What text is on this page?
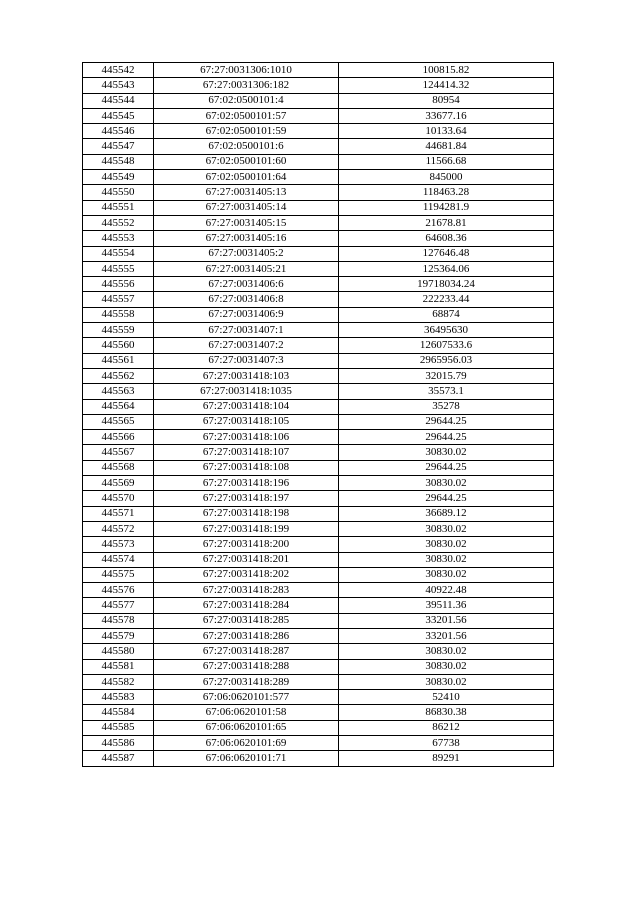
445542	67:27:0031306:1010	100815.82
445543	67:27:0031306:182	124414.32
445544	67:02:0500101:4	80954
445545	67:02:0500101:57	33677.16
445546	67:02:0500101:59	10133.64
445547	67:02:0500101:6	44681.84
445548	67:02:0500101:60	11566.68
445549	67:02:0500101:64	845000
445550	67:27:0031405:13	118463.28
445551	67:27:0031405:14	1194281.9
445552	67:27:0031405:15	21678.81
445553	67:27:0031405:16	64608.36
445554	67:27:0031405:2	127646.48
445555	67:27:0031405:21	125364.06
445556	67:27:0031406:6	19718034.24
445557	67:27:0031406:8	222233.44
445558	67:27:0031406:9	68874
445559	67:27:0031407:1	36495630
445560	67:27:0031407:2	12607533.6
445561	67:27:0031407:3	2965956.03
445562	67:27:0031418:103	32015.79
445563	67:27:0031418:1035	35573.1
445564	67:27:0031418:104	35278
445565	67:27:0031418:105	29644.25
445566	67:27:0031418:106	29644.25
445567	67:27:0031418:107	30830.02
445568	67:27:0031418:108	29644.25
445569	67:27:0031418:196	30830.02
445570	67:27:0031418:197	29644.25
445571	67:27:0031418:198	36689.12
445572	67:27:0031418:199	30830.02
445573	67:27:0031418:200	30830.02
445574	67:27:0031418:201	30830.02
445575	67:27:0031418:202	30830.02
445576	67:27:0031418:283	40922.48
445577	67:27:0031418:284	39511.36
445578	67:27:0031418:285	33201.56
445579	67:27:0031418:286	33201.56
445580	67:27:0031418:287	30830.02
445581	67:27:0031418:288	30830.02
445582	67:27:0031418:289	30830.02
445583	67:06:0620101:577	52410
445584	67:06:0620101:58	86830.38
445585	67:06:0620101:65	86212
445586	67:06:0620101:69	67738
445587	67:06:0620101:71	89291
